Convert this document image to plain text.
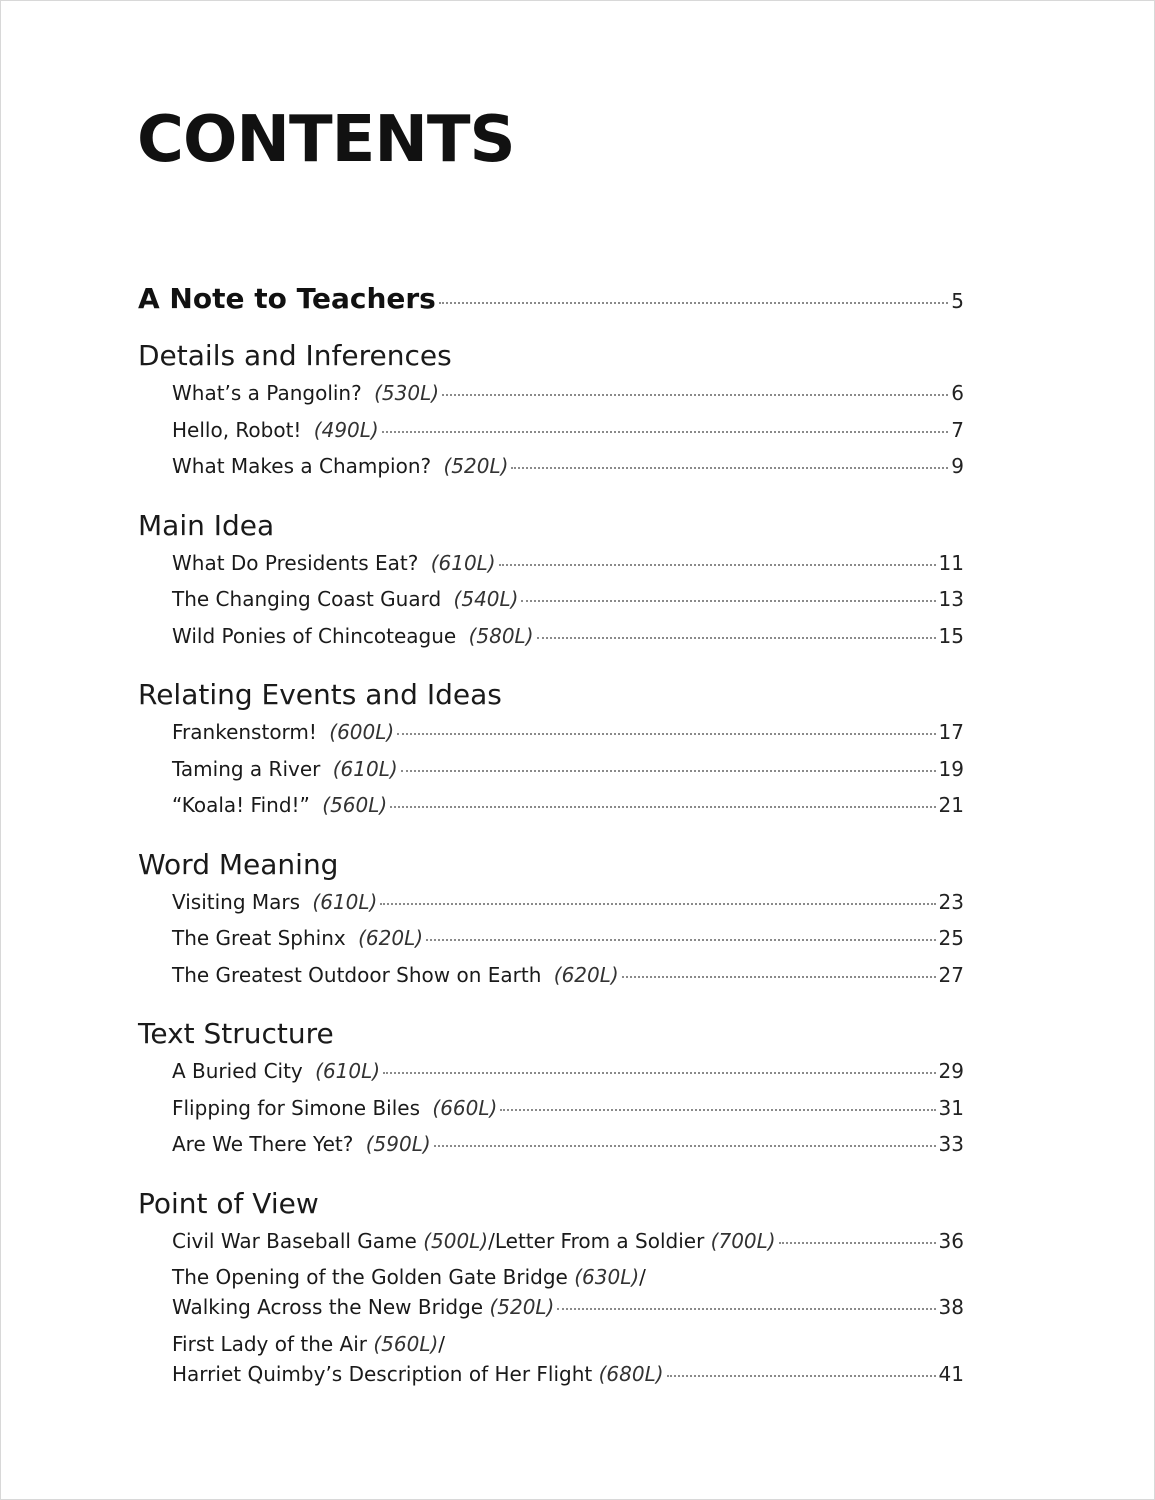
CONTENTS
A Note to Teachers	5
Details and Inferences
What’s a Pangolin? (530L)	6
Hello, Robot! (490L)	7
What Makes a Champion? (520L)	9
Main Idea
What Do Presidents Eat? (610L)	11
The Changing Coast Guard (540L)	13
Wild Ponies of Chincoteague (580L)	15
Relating Events and Ideas
Frankenstorm! (600L)	17
Taming a River (610L)	19
“Koala! Find!” (560L)	21
Word Meaning
Visiting Mars (610L)	23
The Great Sphinx (620L)	25
The Greatest Outdoor Show on Earth (620L)	27
Text Structure
A Buried City (610L)	29
Flipping for Simone Biles (660L)	31
Are We There Yet? (590L)	33
Point of View
Civil War Baseball Game (500L)/Letter From a Soldier (700L)	36
The Opening of the Golden Gate Bridge (630L)/
Walking Across the New Bridge (520L)	38
First Lady of the Air (560L)/
Harriet Quimby’s Description of Her Flight (680L)	41
